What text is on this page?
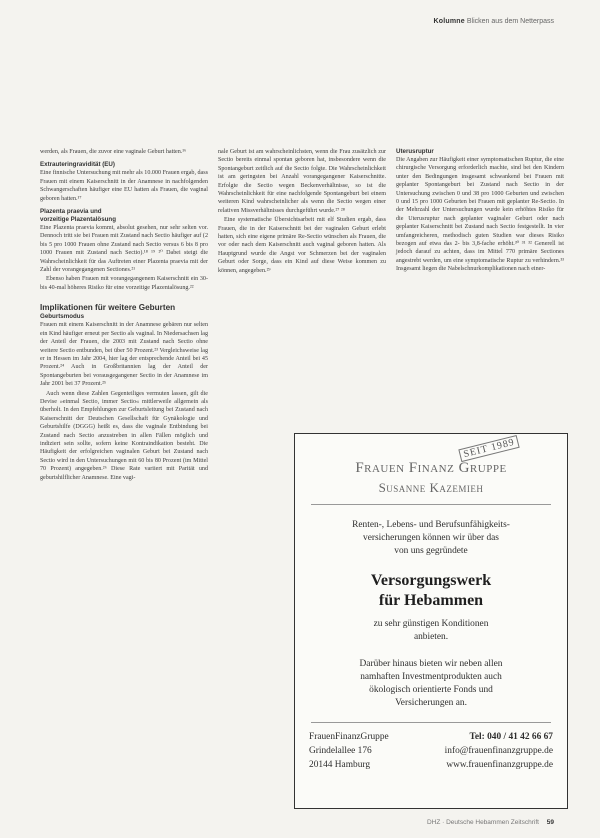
Kolumne Blicken aus dem Netterpass

werden, als Frauen, die zuvor eine vaginale Geburt hatten.¹⁶

Extrauteringravidität (EU)

Eine finnische Untersuchung mit mehr als 10.000 Frauen ergab, dass Frauen mit einem Kaiserschnitt in der Anamnese in nachfolgenden Schwangerschaften häufiger eine EU hatten als Frauen, die vaginal geboren hatten.¹⁷

Plazenta praevia und
vorzeitige Plazentalösung

Eine Plazenta praevia kommt, absolut gesehen, nur sehr selten vor. Dennoch tritt sie bei Frauen mit Zustand nach Sectio häufiger auf (2 bis 5 pro 1000 Frauen ohne Zustand nach Sectio versus 6 bis 8 pro 1000 Frauen mit Zustand nach Sectio).¹⁸ ¹⁹ ²⁰ Dabei steigt die Wahrscheinlichkeit für das Auftreten einer Plazenta praevia mit der Zahl der vorangegangenen Sectiones.²¹

Ebenso haben Frauen mit vorangegangenem Kaiserschnitt ein 30- bis 40-mal höheres Risiko für eine vorzeitige Plazentalösung.²²

Implikationen für weitere Geburten
Geburtsmodus

Frauen mit einem Kaiserschnitt in der Anamnese gebären nur selten ein Kind häufiger erneut per Sectio als vaginal. In Niedersachsen lag der Anteil der Frauen, die 2003 mit Zustand nach Sectio ohne weitere Sectio entbunden, bei über 50 Prozent.²³ Vergleichsweise lag er in Hessen im Jahr 2004, hier lag der entsprechende Anteil bei 45 Prozent.²⁴ Auch in Großbritannien lag der Anteil der Spontangeburten bei vorausgegangener Sectio in der Anamnese im Jahr 2001 bei 37 Prozent.²⁵

Auch wenn diese Zahlen Gegenteiliges vermuten lassen, gilt die Devise »einmal Sectio, immer Sectio« mittlerweile allgemein als überholt. In den Empfehlungen zur Geburtsleitung bei Zustand nach Kaiserschnitt der Deutschen Gesellschaft für Gynäkologie und Geburtshilfe (DGGG) heißt es, dass die vaginale Entbindung bei Zustand nach Sectio anzustreben in allen Fällen möglich und indiziert sein sollte, sofern keine Kontraindikation besteht. Die Häufigkeit der erfolgreichen vaginalen Geburt bei Zustand nach Sectio wird in den Untersuchungen mit 60 bis 80 Prozent (im Mittel 70 Prozent) angegeben.²⁶ Diese Rate variiert mit Parität und geburtshilflicher Anamnese. Eine vagi-

nale Geburt ist am wahrscheinlichsten, wenn die Frau zusätzlich zur Sectio bereits einmal spontan geboren hat, insbesondere wenn die Spontangeburt zeitlich auf die Sectio folgte. Die Wahrscheinlichkeit ist am geringsten bei Anzahl vorangegangener Kaiserschnitte. Erfolgte die Sectio wegen Beckenverhältnisse, so ist die Wahrscheinlichkeit für eine nachfolgende Spontangeburt bei einem weiteren Kind wahrscheinlicher als wenn die Sectio wegen einer relativen Missverhältnisses durchgeführt wurde.²⁷ ²⁸

Eine systematische Übersichtsarbeit mit elf Studien ergab, dass Frauen, die in der Kaiserschnitt bei der vaginalen Geburt erlebt hatten, sich eine eigene primäre Re-Sectio wünschen als Frauen, die vor oder nach dem Kaiserschnitt auch vaginal geboren hatten. Als Hauptgrund wurde die Angst vor Schmerzen bei der vaginalen Geburt oder Sorge, dass ein Kind auf diese Weise kommen zu können, angegeben.²⁹

Uterusruptur

Die Angaben zur Häufigkeit einer symptomatischen Ruptur, die eine chirurgische Versorgung erforderlich machte, sind bei den Kindern unter den Bedingungen insgesamt schwankend bei Frauen mit geplanter Spontangeburt bei Zustand nach Sectio in der Untersuchung zwischen 0 und 38 pro 1000 Geburten und zwischen 0 und 15 pro 1000 Geburten bei Frauen mit geplanter Re-Sectio. In der Mehrzahl der Untersuchungen wurde kein erhöhtes Risiko für die Uterusruptur nach geplanter vaginaler Geburt oder nach geplanter Kaiserschnitt bei Zustand nach Sectio festgestellt. In vier umfangreicheren, methodisch guten Studien war dieses Risiko bezogen auf etwa das 2- bis 3,8-fache erhöht.³⁰ ³¹ ³² Generell ist jedoch darauf zu achten, dass im Mittel 770 primäre Sectiones angestrebt werden, um eine symptomatische Ruptur zu verhindern.³³ Insgesamt liegen die Nabelschnurkomplikationen nach einer-

SEIT 1989
Frauen Finanz Gruppe
Susanne Kazemieh
Renten-, Lebens- und Berufsunfähigkeits-
versicherungen können wir über das
von uns gegründete
Versorgungswerk
für Hebammen
zu sehr günstigen Konditionen
anbieten.
Darüber hinaus bieten wir neben allen
namhaften Investmentprodukten auch
ökologisch orientierte Fonds und
Versicherungen an.
FrauenFinanzGruppe
Grindelallee 176
20144 Hamburg
Tel: 040 / 41 42 66 67
info@frauenfinanzgruppe.de
www.frauenfinanzgruppe.de
DHZ · Deutsche Hebammen Zeitschrift 59
